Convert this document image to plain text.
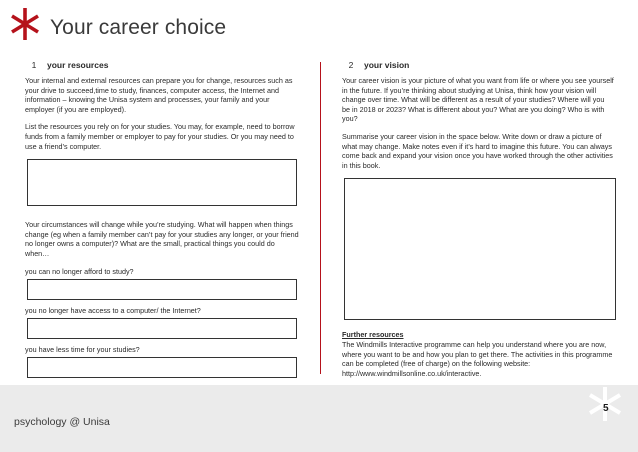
Your career choice
1 your resources

Your internal and external resources can prepare you for change, resources such as your drive to succeed,time to study, finances, computer access, the Internet and information – knowing the Unisa system and processes, your family and your employer (if you are employed).

List the resources you rely on for your studies. You may, for example, need to borrow funds from a family member or employer to pay for your studies. Or you may need to use a friend’s computer.

Your circumstances will change while you’re studying. What will happen when things change (eg when a family member can’t pay for your studies any longer, or your friend no longer owns a computer)? What are the small, practical things you could do when…

you can no longer afford to study?

you no longer have access to a computer/ the Internet?

you have less time for your studies?

2 your vision

Your career vision is your picture of what you want from life or where you see yourself in the future. If you’re thinking about studying at Unisa, think how your vision will change over time. What will be different as a result of your studies? Where will you be in 2018 or 2023? What is different about you? What are you doing? Who is with you?

Summarise your career vision in the space below. Write down or draw a picture of what may change. Make notes even if it’s hard to imagine this future. You can always come back and expand your vision once you have worked through the other activities in this book.

Further resources

The Windmills Interactive programme can help you understand where you are now, where you want to be and how you plan to get there. The activities in this programme can be completed (free of charge) on the following website: http://www.windmillsonline.co.uk/interactive.

psychology @ Unisa
5
